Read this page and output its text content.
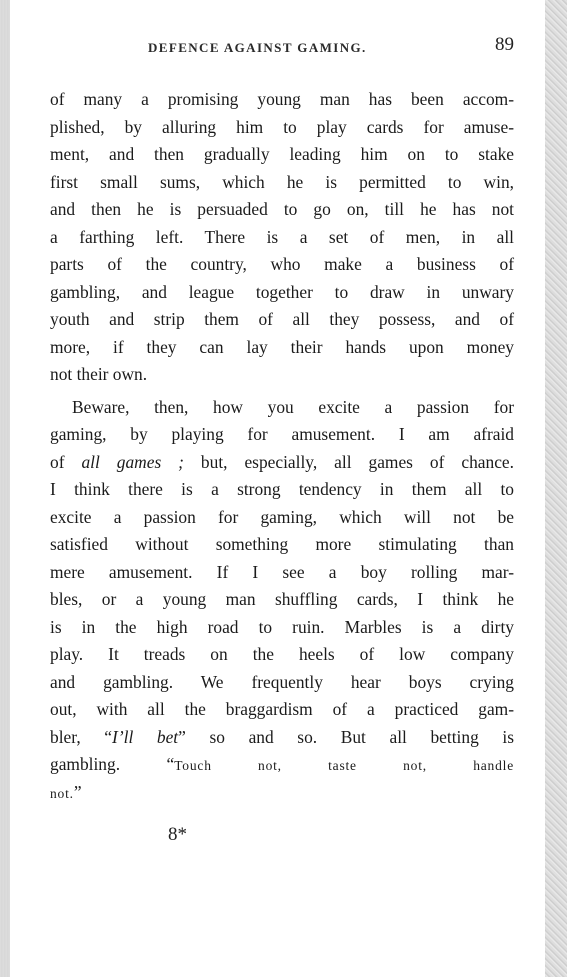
DEFENCE AGAINST GAMING.	89
of many a promising young man has been accom-
plished, by alluring him to play cards for amuse-
ment, and then gradually leading him on to stake
first small sums, which he is permitted to win,
and then he is persuaded to go on, till he has not
a farthing left. There is a set of men, in all
parts of the country, who make a business of
gambling, and league together to draw in unwary
youth and strip them of all they possess, and of
more, if they can lay their hands upon money
not their own.
Beware, then, how you excite a passion for
gaming, by playing for amusement. I am afraid
of all games ; but, especially, all games of chance.
I think there is a strong tendency in them all to
excite a passion for gaming, which will not be
satisfied without something more stimulating than
mere amusement. If I see a boy rolling mar-
bles, or a young man shuffling cards, I think he
is in the high road to ruin. Marbles is a dirty
play. It treads on the heels of low company
and gambling. We frequently hear boys crying
out, with all the braggardism of a practiced gam-
bler, “I’ll bet” so and so. But all betting is
gambling. “Touch not, taste not, handle
not.”
8*
